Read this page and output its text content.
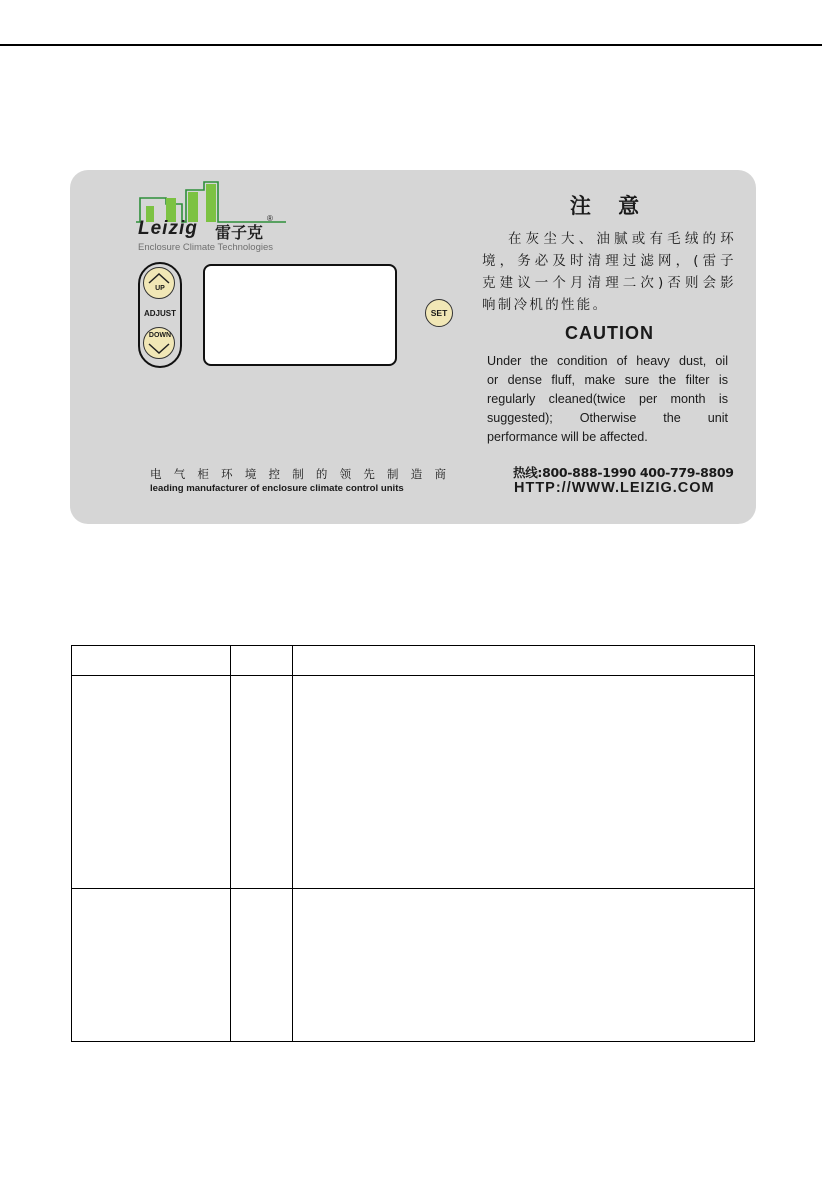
Leizig	®
雷子克
Enclosure Climate Technologies
UP
ADJUST
DOWN
SET
注 意
在灰尘大、油腻或有毛绒的环
境，务必及时清理过滤网，(雷子
克建议一个月清理二次)否则会影
响制冷机的性能。
CAUTION
Under the condition of heavy dust, oil
or dense fluff, make sure the filter is
regularly cleaned(twice per month is
suggested); Otherwise the unit
performance will be affected.
电 气 柜 环 境 控 制 的 领 先 制 造 商
leading manufacturer of enclosure climate control units
热线:800-888-1990 400-779-8809
HTTP://WWW.LEIZIG.COM
